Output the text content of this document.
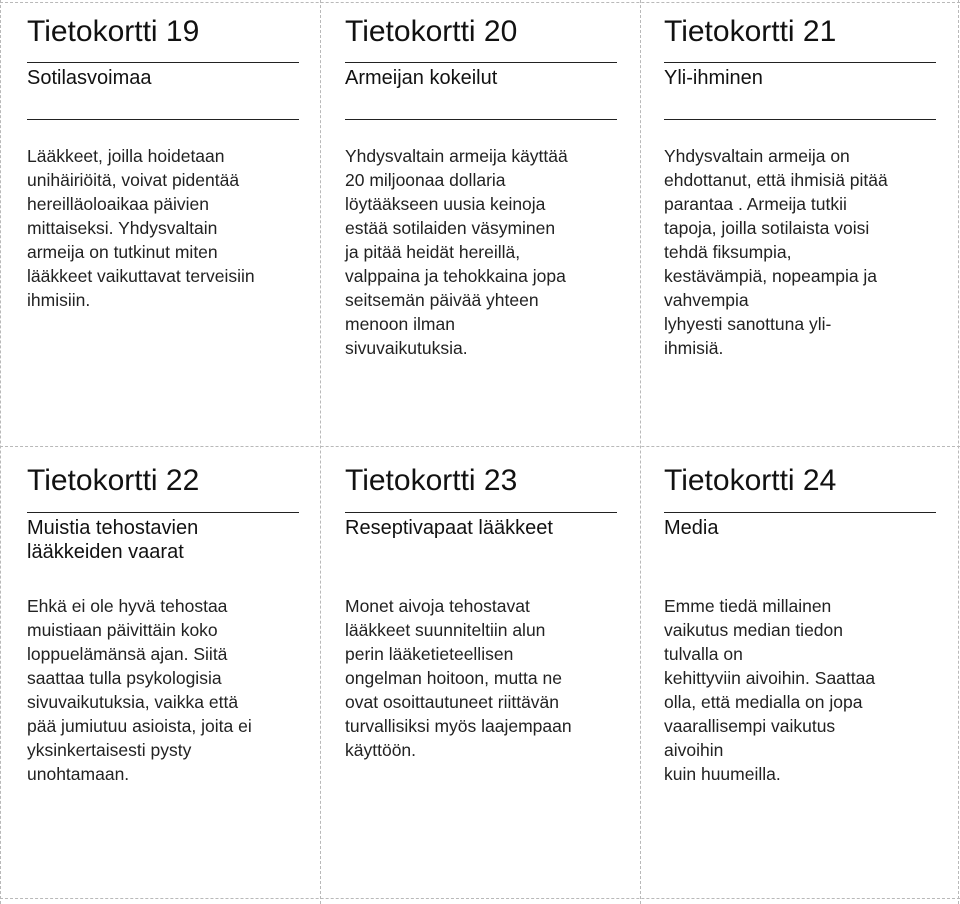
Tietokortti 19
Sotilasvoimaa
Lääkkeet, joilla hoidetaan
unihäiriöitä, voivat pidentää
hereilläoloaikaa päivien
mittaiseksi. Yhdysvaltain
armeija on tutkinut miten
lääkkeet vaikuttavat terveisiin
ihmisiin.
Tietokortti 20
Armeijan kokeilut
Yhdysvaltain armeija käyttää
20 miljoonaa dollaria
löytääkseen uusia keinoja
estää sotilaiden väsyminen
ja pitää heidät hereillä,
valppaina ja tehokkaina jopa
seitsemän päivää yhteen
menoon ilman
sivuvaikutuksia.
Tietokortti 21
Yli-ihminen
Yhdysvaltain armeija on
ehdottanut, että ihmisiä pitää
parantaa . Armeija tutkii
tapoja, joilla sotilaista voisi
tehdä fiksumpia,
kestävämpiä, nopeampia ja
vahvempia
lyhyesti sanottuna yli-
ihmisiä.
Tietokortti 22
Muistia tehostavien
lääkkeiden vaarat
Ehkä ei ole hyvä tehostaa
muistiaan päivittäin koko
loppuelämänsä ajan. Siitä
saattaa tulla psykologisia
sivuvaikutuksia, vaikka että
pää jumiutuu asioista, joita ei
yksinkertaisesti pysty
unohtamaan.
Tietokortti 23
Reseptivapaat lääkkeet
Monet aivoja tehostavat
lääkkeet suunniteltiin alun
perin lääketieteellisen
ongelman hoitoon, mutta ne
ovat osoittautuneet riittävän
turvallisiksi myös laajempaan
käyttöön.
Tietokortti 24
Media
Emme tiedä millainen
vaikutus median tiedon
tulvalla on
kehittyviin aivoihin. Saattaa
olla, että medialla on jopa
vaarallisempi vaikutus
aivoihin
kuin huumeilla.
